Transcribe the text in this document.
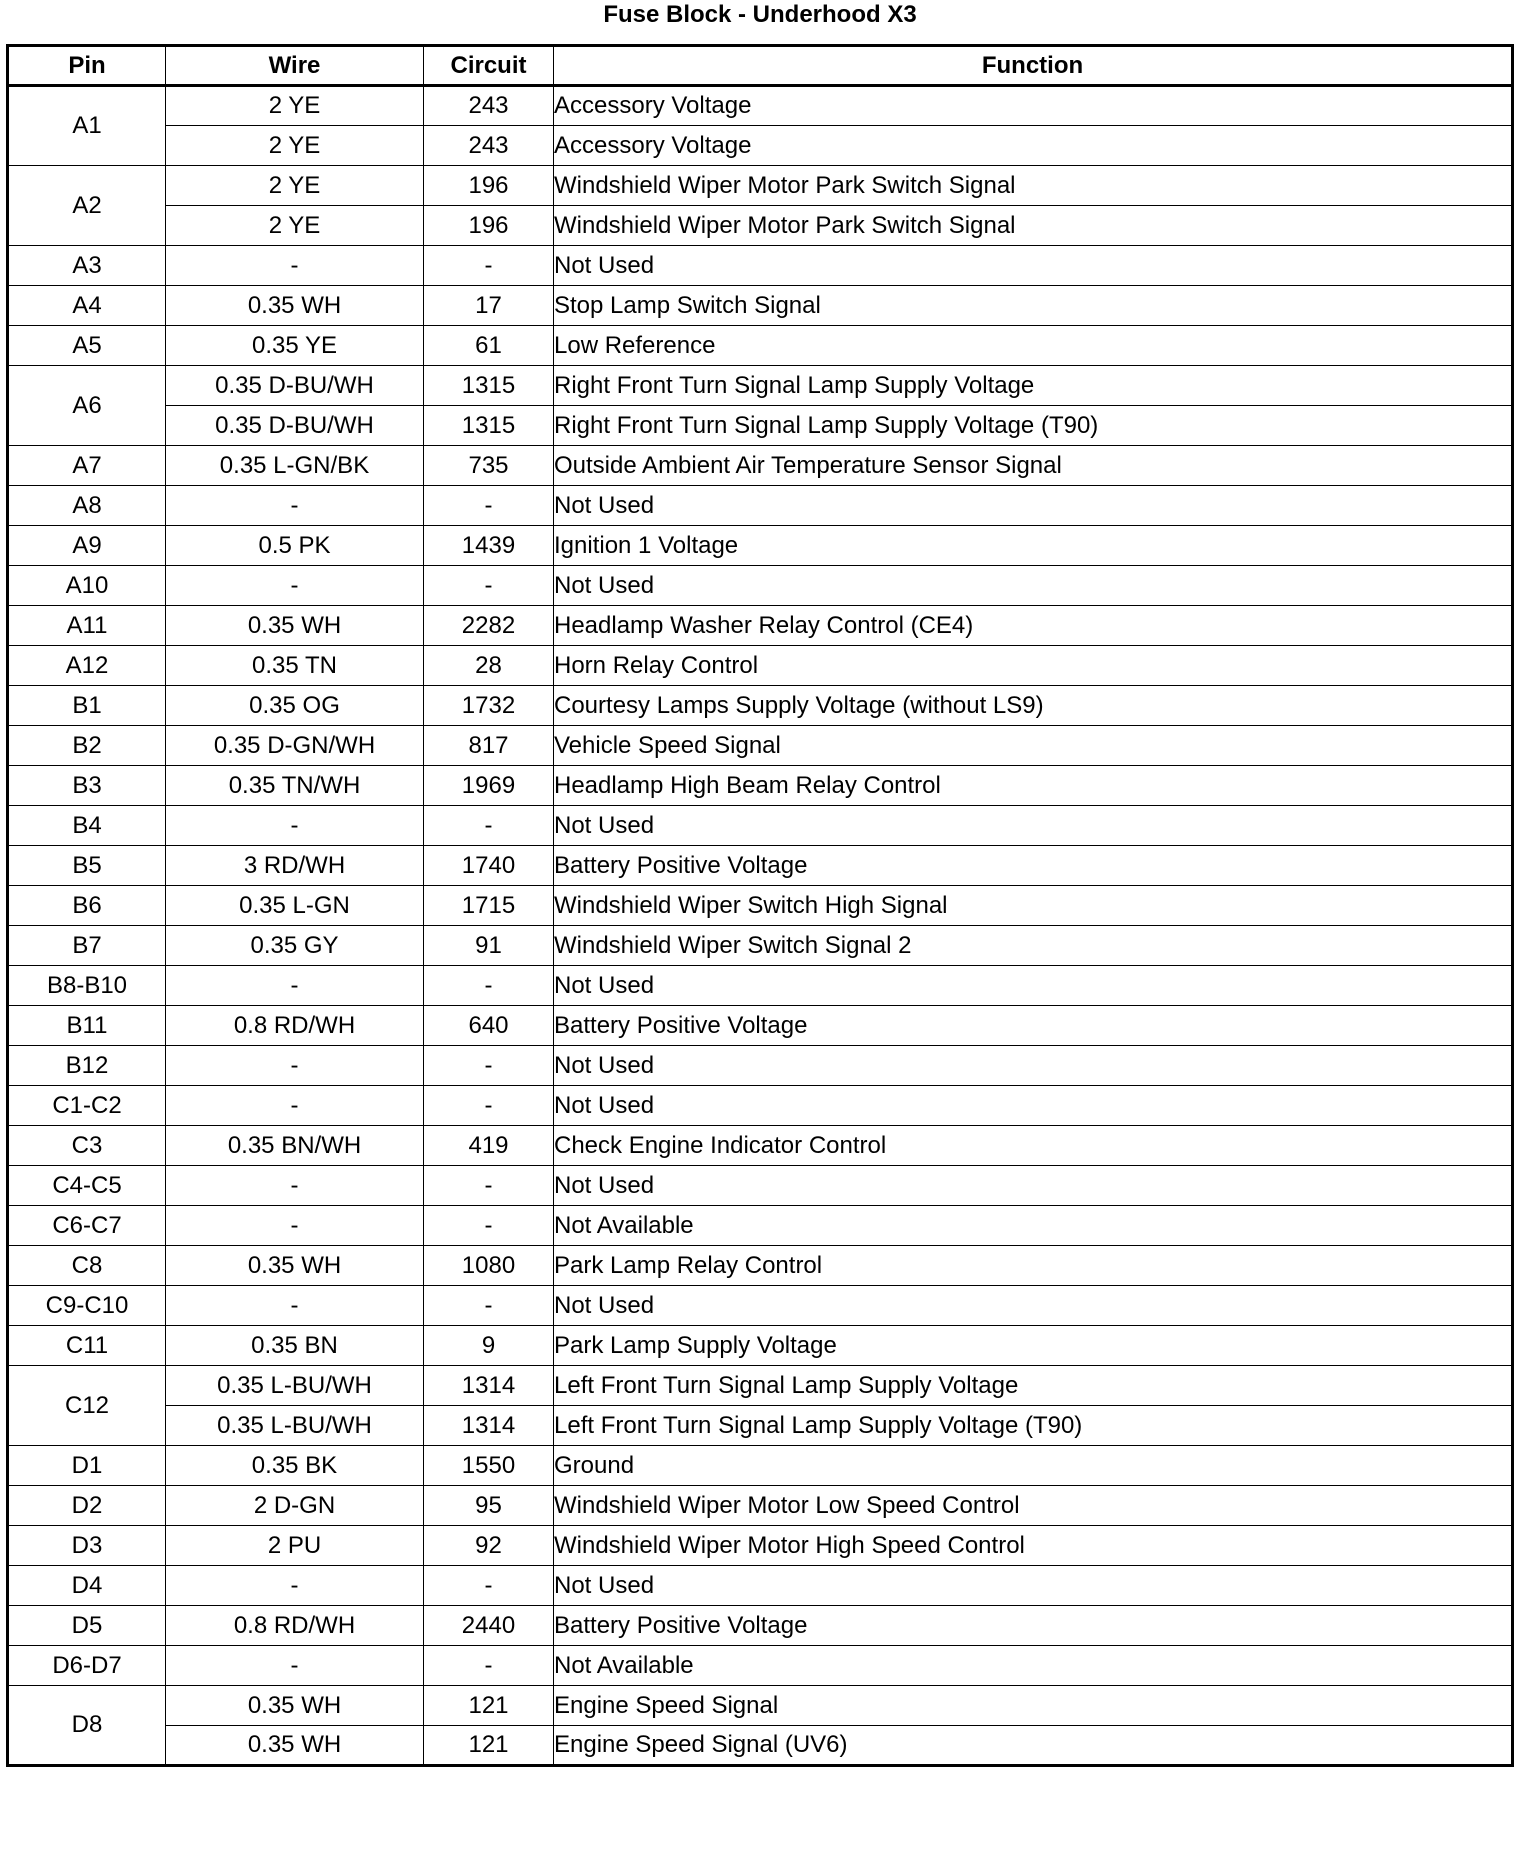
Fuse Block - Underhood X3
Pin	Wire	Circuit	Function
A1	2 YE	243	Accessory Voltage
	2 YE	243	Accessory Voltage
A2	2 YE	196	Windshield Wiper Motor Park Switch Signal
	2 YE	196	Windshield Wiper Motor Park Switch Signal
A3	-	-	Not Used
A4	0.35 WH	17	Stop Lamp Switch Signal
A5	0.35 YE	61	Low Reference
A6	0.35 D-BU/WH	1315	Right Front Turn Signal Lamp Supply Voltage
	0.35 D-BU/WH	1315	Right Front Turn Signal Lamp Supply Voltage (T90)
A7	0.35 L-GN/BK	735	Outside Ambient Air Temperature Sensor Signal
A8	-	-	Not Used
A9	0.5 PK	1439	Ignition 1 Voltage
A10	-	-	Not Used
A11	0.35 WH	2282	Headlamp Washer Relay Control (CE4)
A12	0.35 TN	28	Horn Relay Control
B1	0.35 OG	1732	Courtesy Lamps Supply Voltage (without LS9)
B2	0.35 D-GN/WH	817	Vehicle Speed Signal
B3	0.35 TN/WH	1969	Headlamp High Beam Relay Control
B4	-	-	Not Used
B5	3 RD/WH	1740	Battery Positive Voltage
B6	0.35 L-GN	1715	Windshield Wiper Switch High Signal
B7	0.35 GY	91	Windshield Wiper Switch Signal 2
B8-B10	-	-	Not Used
B11	0.8 RD/WH	640	Battery Positive Voltage
B12	-	-	Not Used
C1-C2	-	-	Not Used
C3	0.35 BN/WH	419	Check Engine Indicator Control
C4-C5	-	-	Not Used
C6-C7	-	-	Not Available
C8	0.35 WH	1080	Park Lamp Relay Control
C9-C10	-	-	Not Used
C11	0.35 BN	9	Park Lamp Supply Voltage
C12	0.35 L-BU/WH	1314	Left Front Turn Signal Lamp Supply Voltage
	0.35 L-BU/WH	1314	Left Front Turn Signal Lamp Supply Voltage (T90)
D1	0.35 BK	1550	Ground
D2	2 D-GN	95	Windshield Wiper Motor Low Speed Control
D3	2 PU	92	Windshield Wiper Motor High Speed Control
D4	-	-	Not Used
D5	0.8 RD/WH	2440	Battery Positive Voltage
D6-D7	-	-	Not Available
D8	0.35 WH	121	Engine Speed Signal
	0.35 WH	121	Engine Speed Signal (UV6)
